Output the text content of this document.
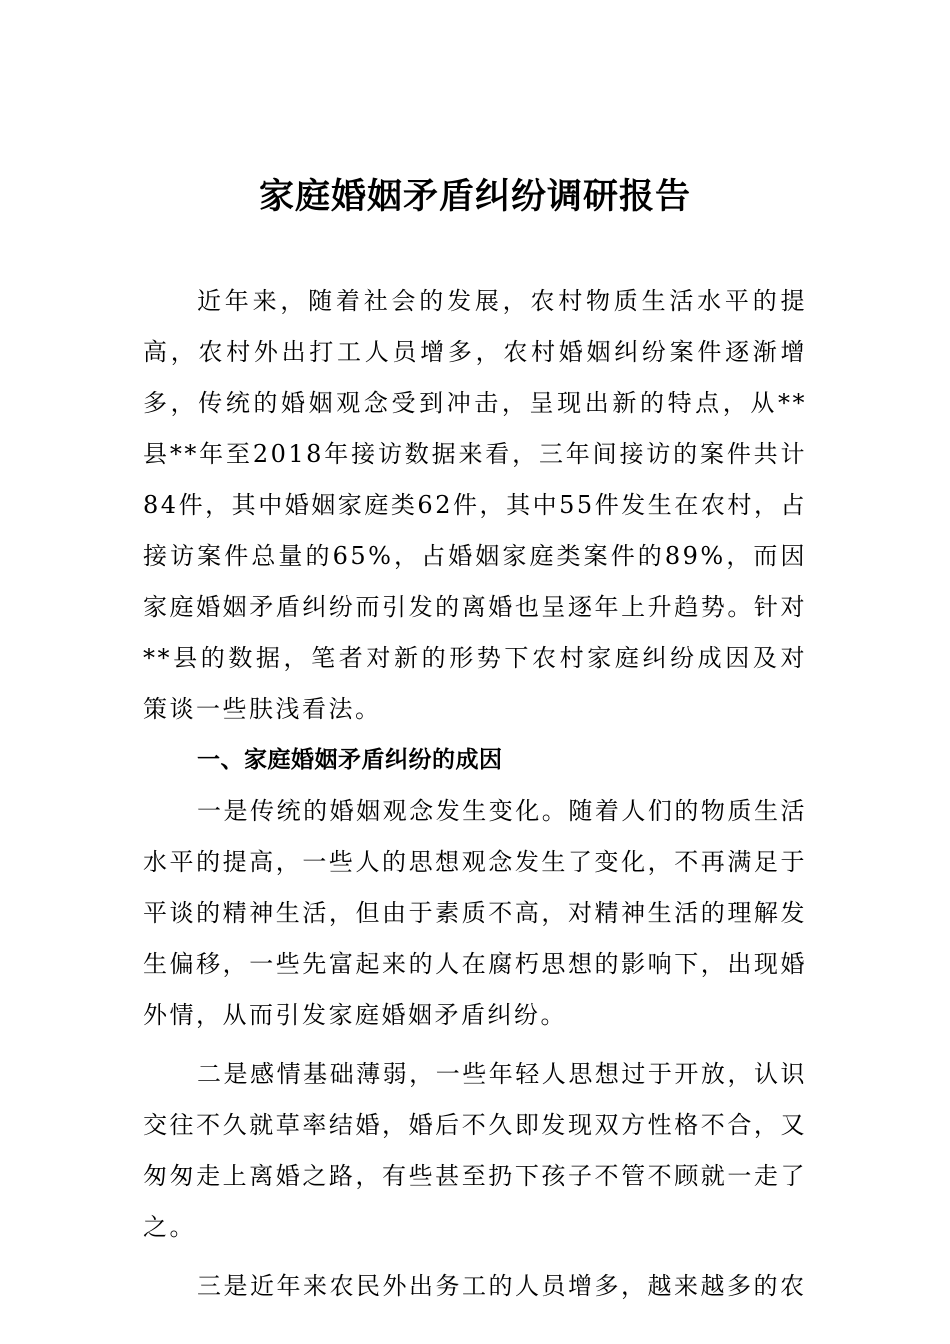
家庭婚姻矛盾纠纷调研报告

近年来，随着社会的发展，农村物质生活水平的提高，农村外出打工人员增多，农村婚姻纠纷案件逐渐增多，传统的婚姻观念受到冲击，呈现出新的特点，从**县**年至2018年接访数据来看，三年间接访的案件共计84件，其中婚姻家庭类62件，其中55件发生在农村，占接访案件总量的65%，占婚姻家庭类案件的89%，而因家庭婚姻矛盾纠纷而引发的离婚也呈逐年上升趋势。针对**县的数据，笔者对新的形势下农村家庭纠纷成因及对策谈一些肤浅看法。

一、家庭婚姻矛盾纠纷的成因

一是传统的婚姻观念发生变化。随着人们的物质生活水平的提高，一些人的思想观念发生了变化，不再满足于平谈的精神生活，但由于素质不高，对精神生活的理解发生偏移，一些先富起来的人在腐朽思想的影响下，出现婚外情，从而引发家庭婚姻矛盾纠纷。

二是感情基础薄弱，一些年轻人思想过于开放，认识交往不久就草率结婚，婚后不久即发现双方性格不合，又匆匆走上离婚之路，有些甚至扔下孩子不管不顾就一走了之。

三是近年来农民外出务工的人员增多，越来越多的农
